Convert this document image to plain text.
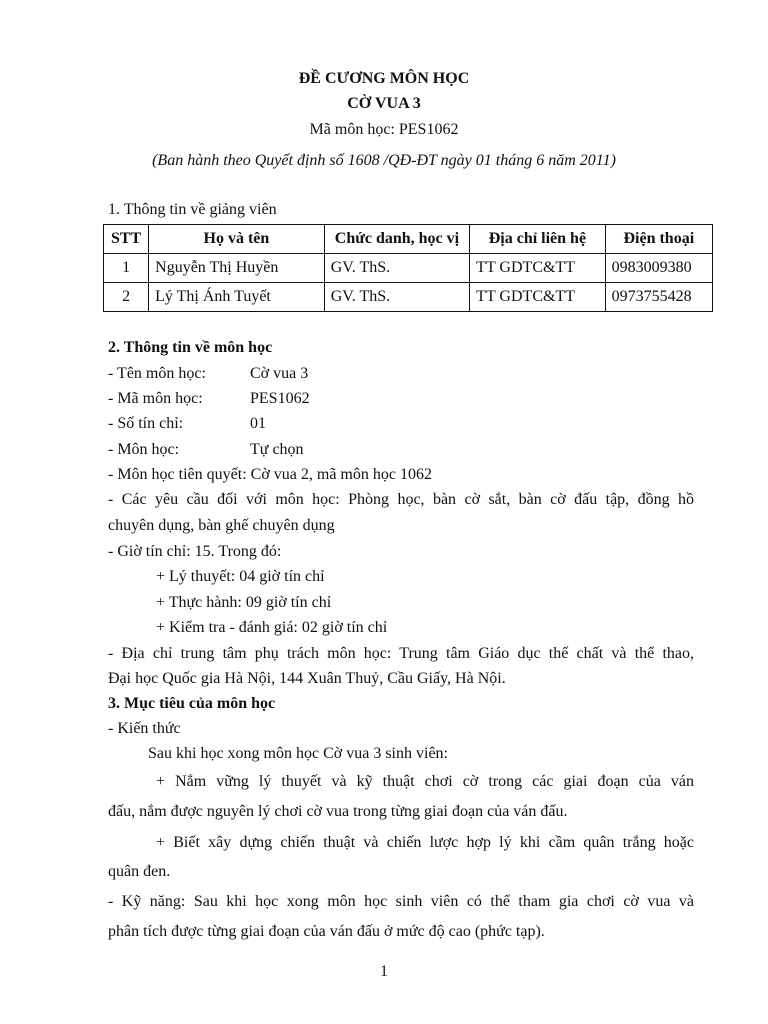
ĐỀ CƯƠNG MÔN HỌC
CỜ VUA 3
Mã môn học: PES1062
(Ban hành theo Quyết định số 1608 /QĐ-ĐT ngày 01 tháng 6 năm 2011)
1. Thông tin về giảng viên
STT	Họ và tên	Chức danh, học vị	Địa chỉ liên hệ	Điện thoại
1	Nguyễn Thị Huyền	GV. ThS.	TT GDTC&TT	0983009380
2	Lý Thị Ánh Tuyết	GV. ThS.	TT GDTC&TT	0973755428
2. Thông tin về môn học
- Tên môn học:	Cờ vua 3
- Mã môn học:	PES1062
- Số tín chỉ:	01
- Môn học:	Tự chọn
- Môn học tiên quyết: Cờ vua 2, mã môn học 1062
- Các yêu cầu đối với môn học: Phòng học, bàn cờ sắt, bàn cờ đấu tập, đồng hồ
chuyên dụng, bàn ghế chuyên dụng
- Giờ tín chỉ: 15. Trong đó:
+ Lý thuyết: 04 giờ tín chỉ
+ Thực hành: 09 giờ tín chỉ
+ Kiểm tra - đánh giá: 02 giờ tín chỉ
- Địa chỉ trung tâm phụ trách môn học: Trung tâm Giáo dục thể chất và thể thao,
Đại học Quốc gia Hà Nội, 144 Xuân Thuỷ, Cầu Giấy, Hà Nội.
3. Mục tiêu của môn học
- Kiến thức
Sau khi học xong môn học Cờ vua 3 sinh viên:
+ Nắm vững lý thuyết và kỹ thuật chơi cờ trong các giai đoạn của ván
đấu, nắm được nguyên lý chơi cờ vua trong từng giai đoạn của ván đấu.
+ Biết xây dựng chiến thuật và chiến lược hợp lý khi cầm quân trắng hoặc
quân đen.
- Kỹ năng: Sau khi học xong môn học sinh viên có thể tham gia chơi cờ vua và
phân tích được từng giai đoạn của ván đấu ở mức độ cao (phức tạp).
1
